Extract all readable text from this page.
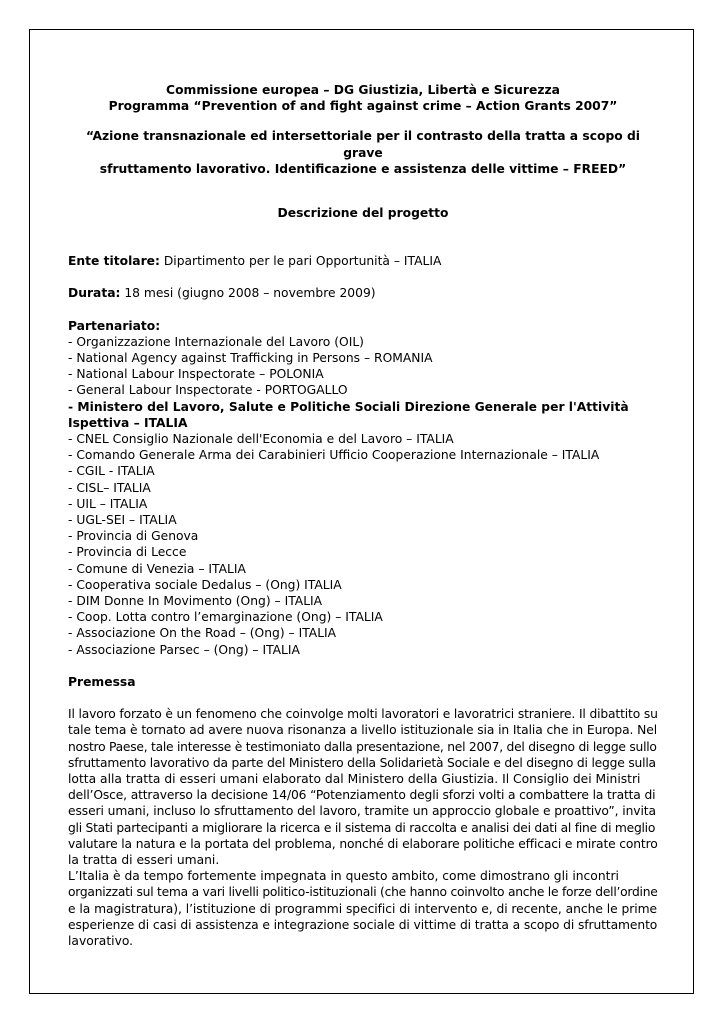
Commissione europea – DG Giustizia, Libertà e Sicurezza

Programma “Prevention of and fight against crime – Action Grants 2007”

“Azione transnazionale ed intersettoriale per il contrasto della tratta a scopo di grave

sfruttamento lavorativo. Identificazione e assistenza delle vittime – FREED”

Descrizione del progetto

Ente titolare: Dipartimento per le pari Opportunità – ITALIA

Durata: 18 mesi (giugno 2008 – novembre 2009)

Partenariato:

- Organizzazione Internazionale del Lavoro (OIL)

- National Agency against Trafficking in Persons – ROMANIA

- National Labour Inspectorate – POLONIA

- General Labour Inspectorate - PORTOGALLO

- Ministero del Lavoro, Salute e Politiche Sociali Direzione Generale per l'Attività

Ispettiva – ITALIA

- CNEL Consiglio Nazionale dell'Economia e del Lavoro – ITALIA

- Comando Generale Arma dei Carabinieri Ufficio Cooperazione Internazionale – ITALIA

- CGIL - ITALIA

- CISL– ITALIA

- UIL – ITALIA

- UGL-SEI – ITALIA

- Provincia di Genova

- Provincia di Lecce

- Comune di Venezia – ITALIA

- Cooperativa sociale Dedalus – (Ong) ITALIA

- DIM Donne In Movimento (Ong) – ITALIA

- Coop. Lotta contro l’emarginazione (Ong) – ITALIA

- Associazione On the Road – (Ong) – ITALIA

- Associazione Parsec – (Ong) – ITALIA

Premessa

Il lavoro forzato è un fenomeno che coinvolge molti lavoratori e lavoratrici straniere. Il dibattito su

tale tema è tornato ad avere nuova risonanza a livello istituzionale sia in Italia che in Europa. Nel

nostro Paese, tale interesse è testimoniato dalla presentazione, nel 2007, del disegno di legge sullo

sfruttamento lavorativo da parte del Ministero della Solidarietà Sociale e del disegno di legge sulla

lotta alla tratta di esseri umani elaborato dal Ministero della Giustizia. Il Consiglio dei Ministri

dell’Osce, attraverso la decisione 14/06 “Potenziamento degli sforzi volti a combattere la tratta di

esseri umani, incluso lo sfruttamento del lavoro, tramite un approccio globale e proattivo”, invita

gli Stati partecipanti a migliorare la ricerca e il sistema di raccolta e analisi dei dati al fine di meglio

valutare la natura e la portata del problema, nonché di elaborare politiche efficaci e mirate contro

la tratta di esseri umani.

L’Italia è da tempo fortemente impegnata in questo ambito, come dimostrano gli incontri

organizzati sul tema a vari livelli politico-istituzionali (che hanno coinvolto anche le forze dell’ordine

e la magistratura), l’istituzione di programmi specifici di intervento e, di recente, anche le prime

esperienze di casi di assistenza e integrazione sociale di vittime di tratta a scopo di sfruttamento

lavorativo.
